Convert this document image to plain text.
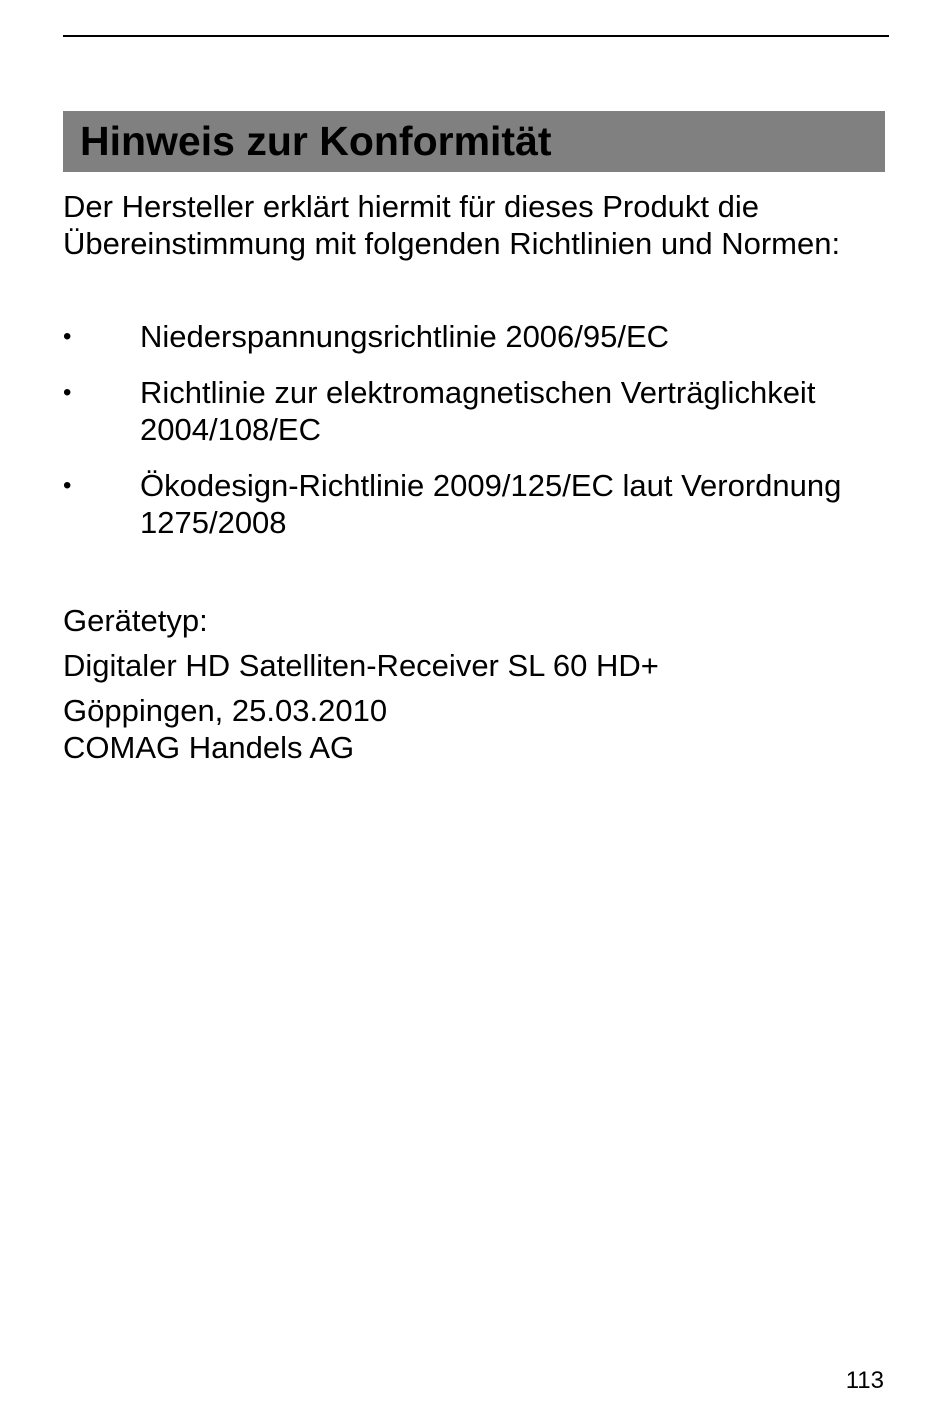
Hinweis zur Konformität

Der Hersteller erklärt hiermit für dieses Produkt die
Übereinstimmung mit folgenden Richtlinien und Normen:

• Niederspannungsrichtlinie 2006/95/EC
• Richtlinie zur elektromagnetischen Verträglichkeit
2004/108/EC
• Ökodesign-Richtlinie 2009/125/EC laut Verordnung
1275/2008

Gerätetyp:

Digitaler HD Satelliten-Receiver SL 60 HD+

Göppingen, 25.03.2010

COMAG Handels AG

113
